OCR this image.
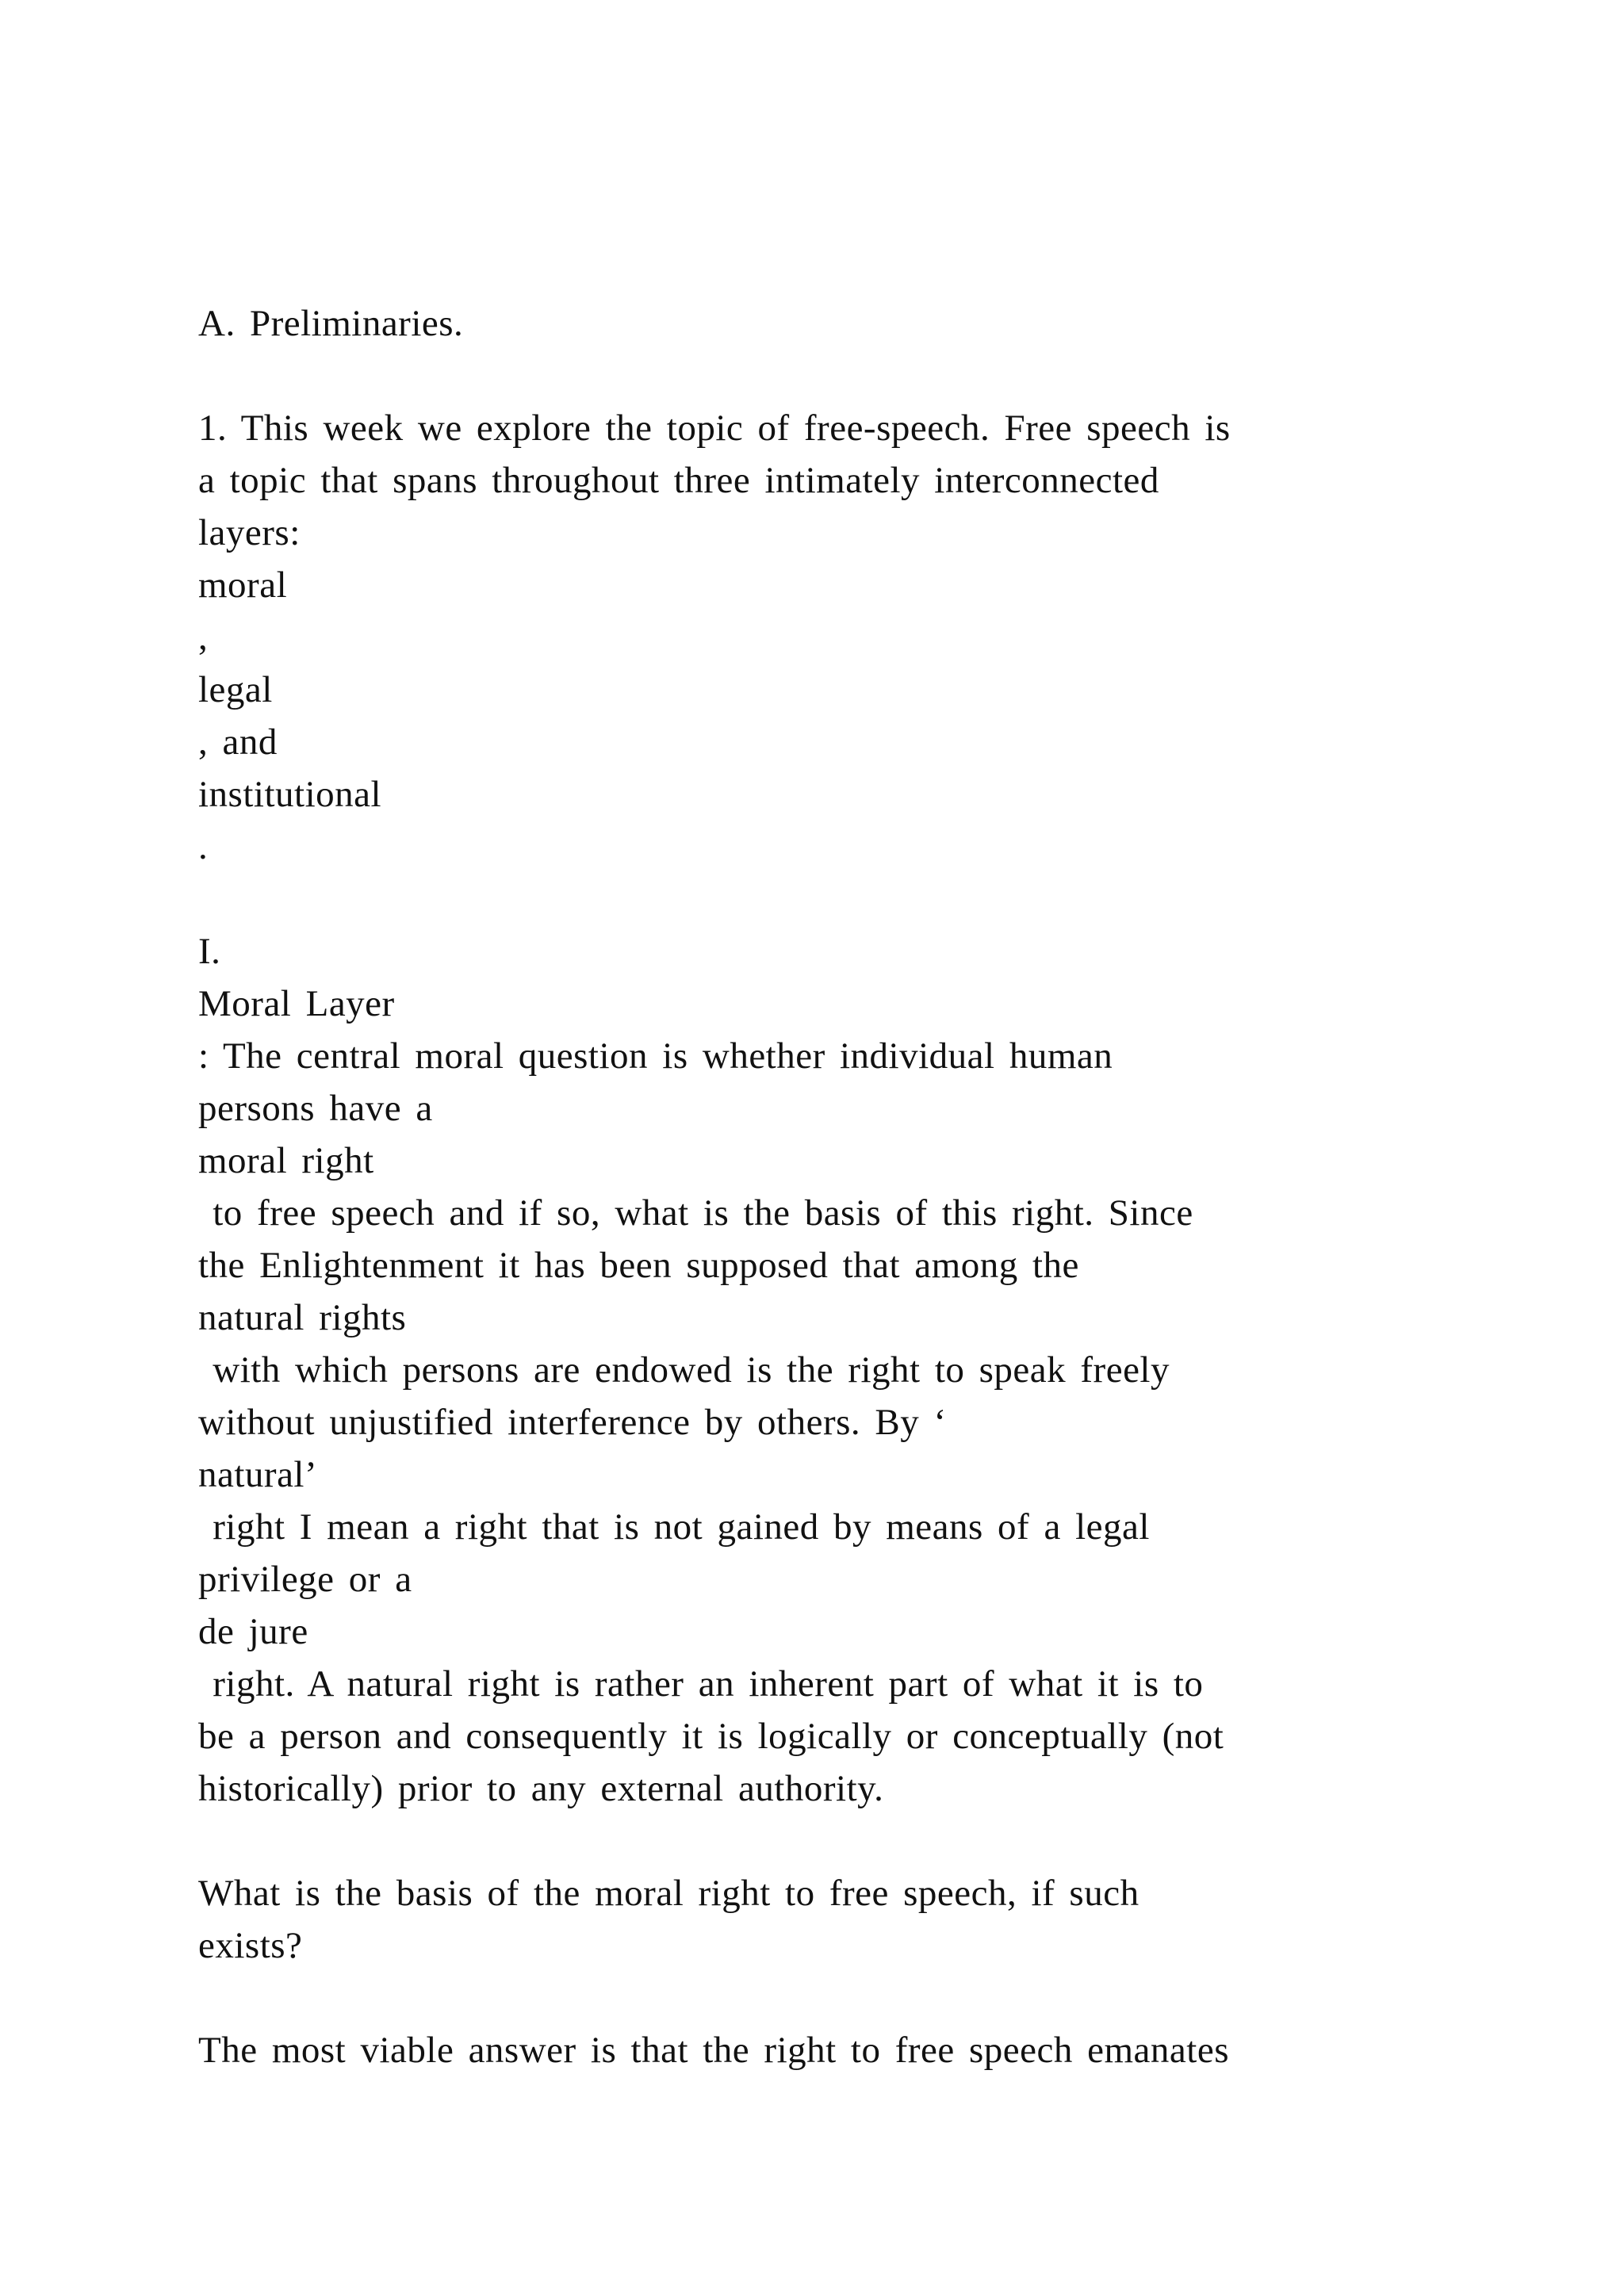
A. Preliminaries.
1. This week we explore the topic of free-speech. Free speech is
a topic that spans throughout three intimately interconnected
layers:
moral
,
legal
, and
institutional
.
I.
Moral Layer
: The central moral question is whether individual human
persons have a
moral right
to free speech and if so, what is the basis of this right. Since
the Enlightenment it has been supposed that among the
natural rights
with which persons are endowed is the right to speak freely
without unjustified interference by others. By ‘
natural’
right I mean a right that is not gained by means of a legal
privilege or a
de jure
right. A natural right is rather an inherent part of what it is to
be a person and consequently it is logically or conceptually (not
historically) prior to any external authority.
What is the basis of the moral right to free speech, if such
exists?
The most viable answer is that the right to free speech emanates
